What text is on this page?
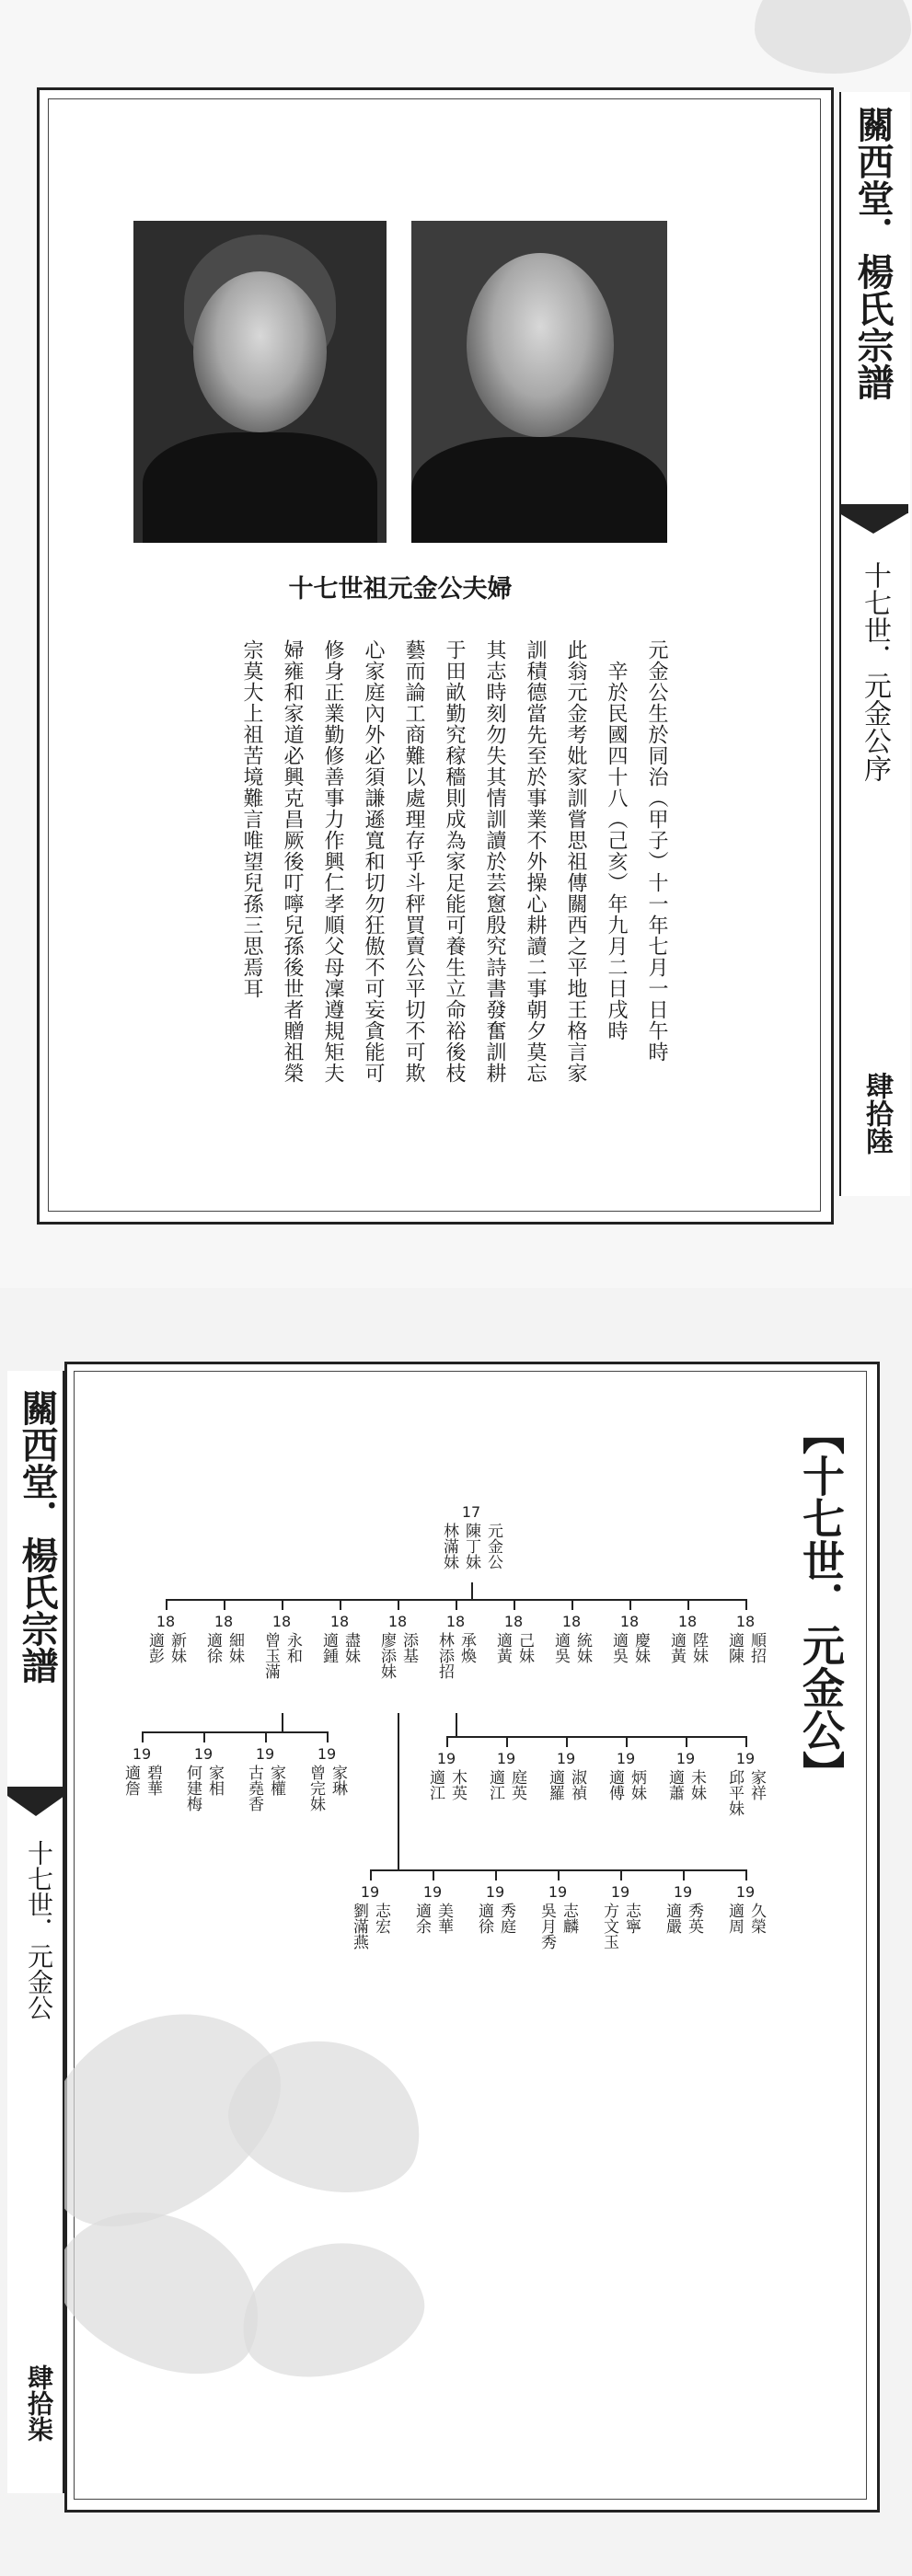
十七世祖元金公夫婦
元金公生於同治（甲子）十一年七月一日午時
　辛於民國四十八（己亥）年九月二日戌時
此翁元金考妣家訓嘗思祖傳關西之平地王格言家
訓積德當先至於事業不外操心耕讀二事朝夕莫忘
其志時刻勿失其情訓讀於芸窻殷究詩書發奮訓耕
于田畝勤究稼穡則成為家足能可養生立命裕後枝
藝而論工商難以處理存乎斗秤買賣公平切不可欺
心家庭內外必須謙遜寬和切勿狂傲不可妄貪能可
修身正業勤修善事力作興仁孝順父母凜遵規矩夫
婦雍和家道必興克昌厥後叮嚀兒孫後世者贈祖榮
宗莫大上祖苦境難言唯望兒孫三思焉耳
關西堂．楊氏宗譜
十七世．元金公序
肆拾陸
關西堂．楊氏宗譜
十七世．元金公
肆拾柒
【十七世．元金公】
17
元金公
陳丁妹
林滿妹
18
順招
適陳
18
陞妹
適黃
18
慶妹
適吳
18
統妹
適吳
18
己妹
適黃
18
承煥
林添招
18
添基
廖添妹
18
盡妹
適鍾
18
永和
曾玉滿
18
細妹
適徐
18
新妹
適彭
19
家琳
曾完妹
19
家權
古堯香
19
家相
何建梅
19
碧華
適詹
19
家祥
邱平妹
19
未妹
適蕭
19
炳妹
適傅
19
淑禎
適羅
19
庭英
適江
19
木英
適江
19
久榮
適周
19
秀英
適嚴
19
志寧
方文玉
19
志麟
吳月秀
19
秀庭
適徐
19
美華
適余
19
志宏
劉滿燕
